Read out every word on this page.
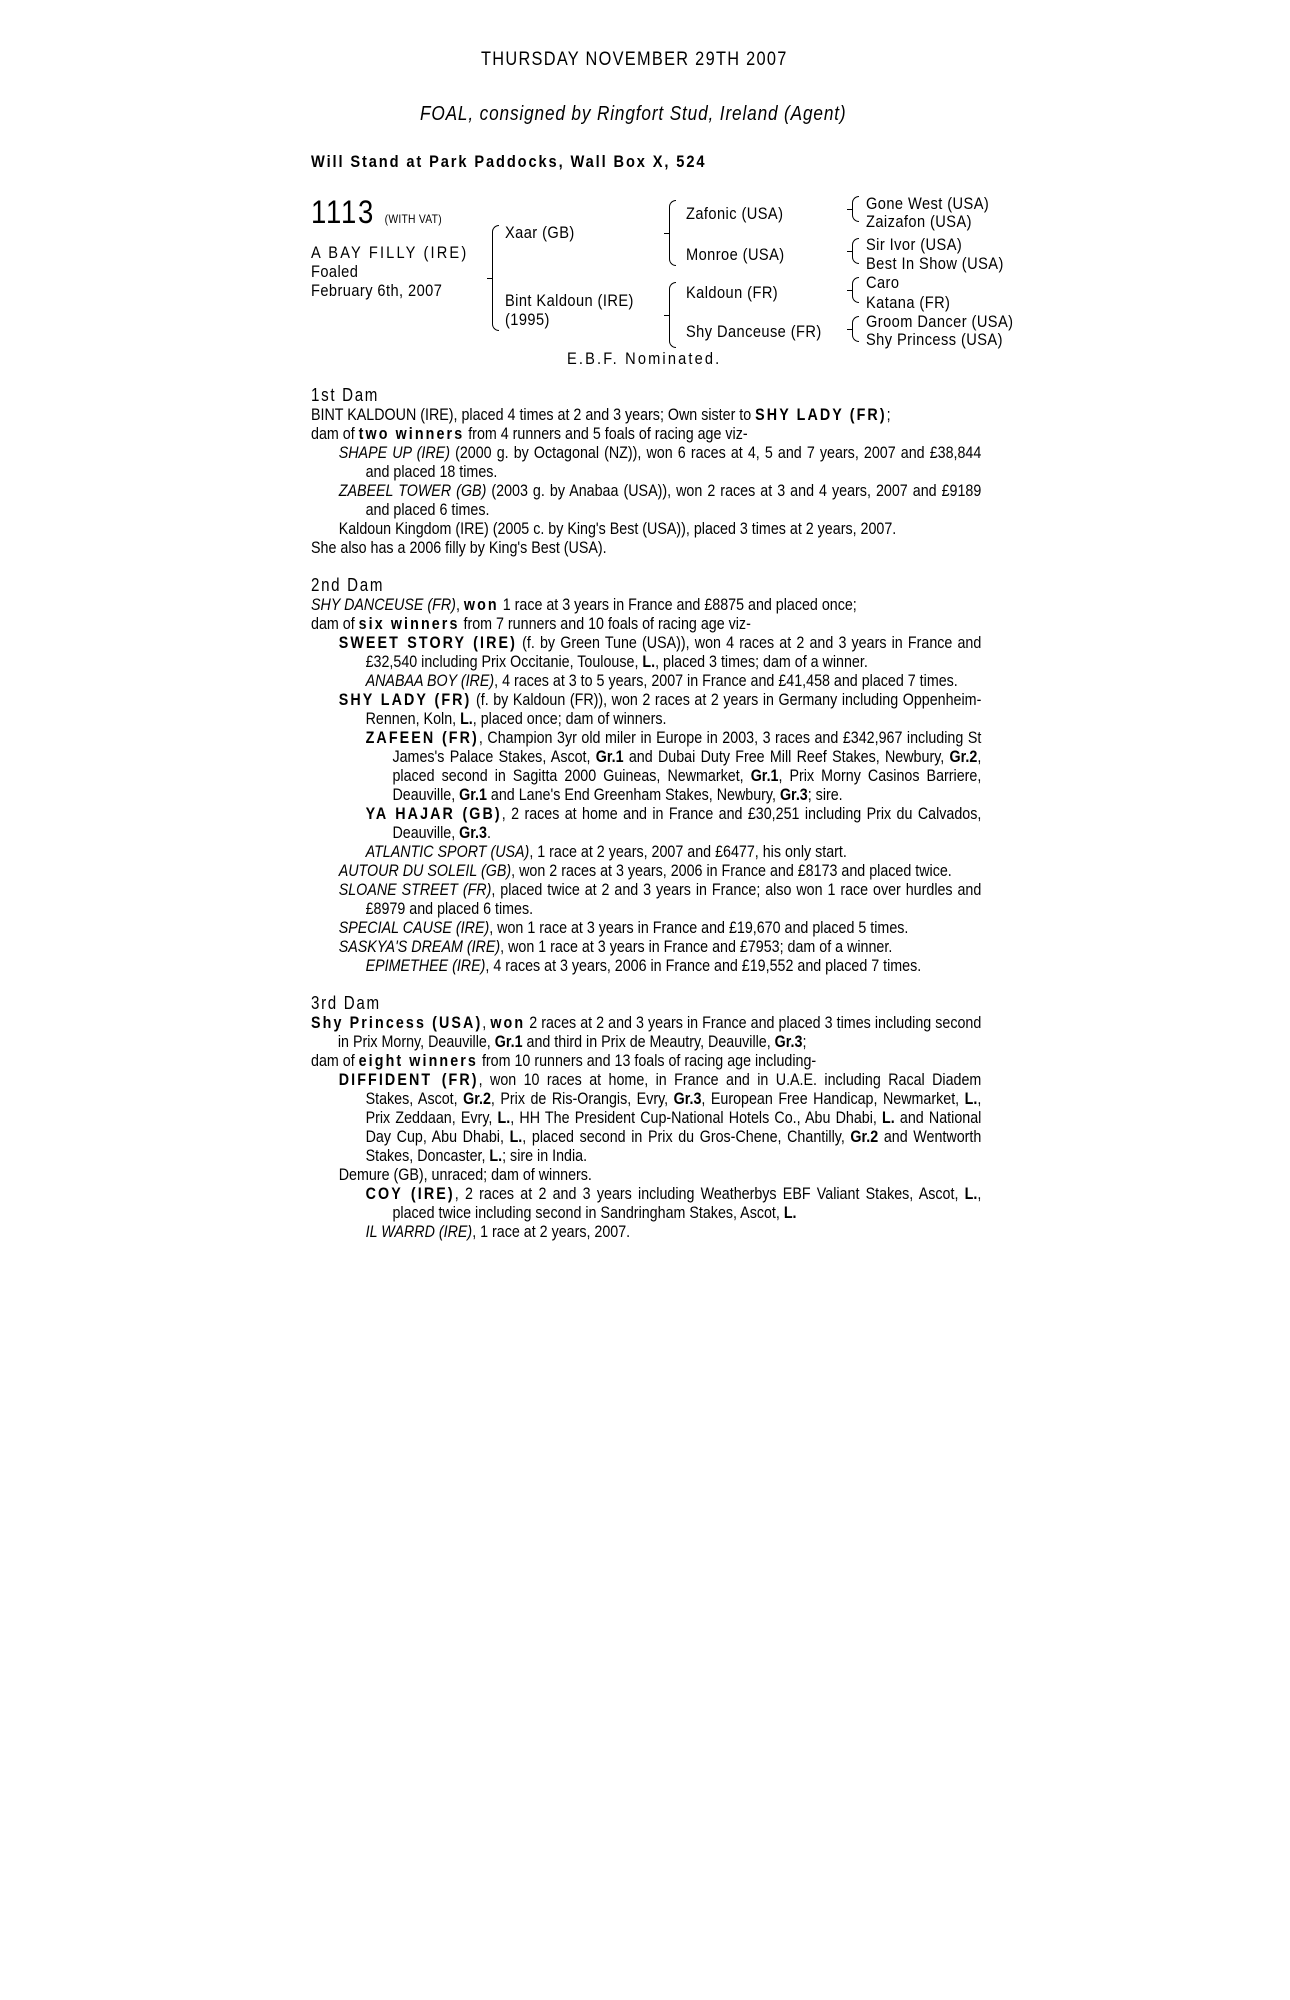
THURSDAY NOVEMBER 29TH 2007
FOAL, consigned by Ringfort Stud, Ireland (Agent)
Will Stand at Park Paddocks, Wall Box X, 524
1113 (WITH VAT)
A BAY FILLY (IRE)
Foaled
February 6th, 2007
Xaar (GB)
Bint Kaldoun (IRE)
(1995)
Zafonic (USA)
Monroe (USA)
Kaldoun (FR)
Shy Danceuse (FR)
Gone West (USA)
Zaizafon (USA)
Sir Ivor (USA)
Best In Show (USA)
Caro
Katana (FR)
Groom Dancer (USA)
Shy Princess (USA)
E.B.F. Nominated.

1st Dam

BINT KALDOUN (IRE), placed 4 times at 2 and 3 years; Own sister to SHY LADY (FR);

dam of two winners from 4 runners and 5 foals of racing age viz-

SHAPE UP (IRE) (2000 g. by Octagonal (NZ)), won 6 races at 4, 5 and 7 years, 2007 and £38,844 and placed 18 times.

ZABEEL TOWER (GB) (2003 g. by Anabaa (USA)), won 2 races at 3 and 4 years, 2007 and £9189 and placed 6 times.

Kaldoun Kingdom (IRE) (2005 c. by King's Best (USA)), placed 3 times at 2 years, 2007.

She also has a 2006 filly by King's Best (USA).

2nd Dam

SHY DANCEUSE (FR), won 1 race at 3 years in France and £8875 and placed once;

dam of six winners from 7 runners and 10 foals of racing age viz-

SWEET STORY (IRE) (f. by Green Tune (USA)), won 4 races at 2 and 3 years in France and £32,540 including Prix Occitanie, Toulouse, L., placed 3 times; dam of a winner.

ANABAA BOY (IRE), 4 races at 3 to 5 years, 2007 in France and £41,458 and placed 7 times.

SHY LADY (FR) (f. by Kaldoun (FR)), won 2 races at 2 years in Germany including Oppenheim-Rennen, Koln, L., placed once; dam of winners.

ZAFEEN (FR), Champion 3yr old miler in Europe in 2003, 3 races and £342,967 including St James's Palace Stakes, Ascot, Gr.1 and Dubai Duty Free Mill Reef Stakes, Newbury, Gr.2, placed second in Sagitta 2000 Guineas, Newmarket, Gr.1, Prix Morny Casinos Barriere, Deauville, Gr.1 and Lane's End Greenham Stakes, Newbury, Gr.3; sire.

YA HAJAR (GB), 2 races at home and in France and £30,251 including Prix du Calvados, Deauville, Gr.3.

ATLANTIC SPORT (USA), 1 race at 2 years, 2007 and £6477, his only start.

AUTOUR DU SOLEIL (GB), won 2 races at 3 years, 2006 in France and £8173 and placed twice.

SLOANE STREET (FR), placed twice at 2 and 3 years in France; also won 1 race over hurdles and £8979 and placed 6 times.

SPECIAL CAUSE (IRE), won 1 race at 3 years in France and £19,670 and placed 5 times.

SASKYA'S DREAM (IRE), won 1 race at 3 years in France and £7953; dam of a winner.

EPIMETHEE (IRE), 4 races at 3 years, 2006 in France and £19,552 and placed 7 times.

3rd Dam

Shy Princess (USA), won 2 races at 2 and 3 years in France and placed 3 times including second in Prix Morny, Deauville, Gr.1 and third in Prix de Meautry, Deauville, Gr.3;

dam of eight winners from 10 runners and 13 foals of racing age including-

DIFFIDENT (FR), won 10 races at home, in France and in U.A.E. including Racal Diadem Stakes, Ascot, Gr.2, Prix de Ris-Orangis, Evry, Gr.3, European Free Handicap, Newmarket, L., Prix Zeddaan, Evry, L., HH The President Cup-National Hotels Co., Abu Dhabi, L. and National Day Cup, Abu Dhabi, L., placed second in Prix du Gros-Chene, Chantilly, Gr.2 and Wentworth Stakes, Doncaster, L.; sire in India.

Demure (GB), unraced; dam of winners.

COY (IRE), 2 races at 2 and 3 years including Weatherbys EBF Valiant Stakes, Ascot, L., placed twice including second in Sandringham Stakes, Ascot, L.

IL WARRD (IRE), 1 race at 2 years, 2007.
